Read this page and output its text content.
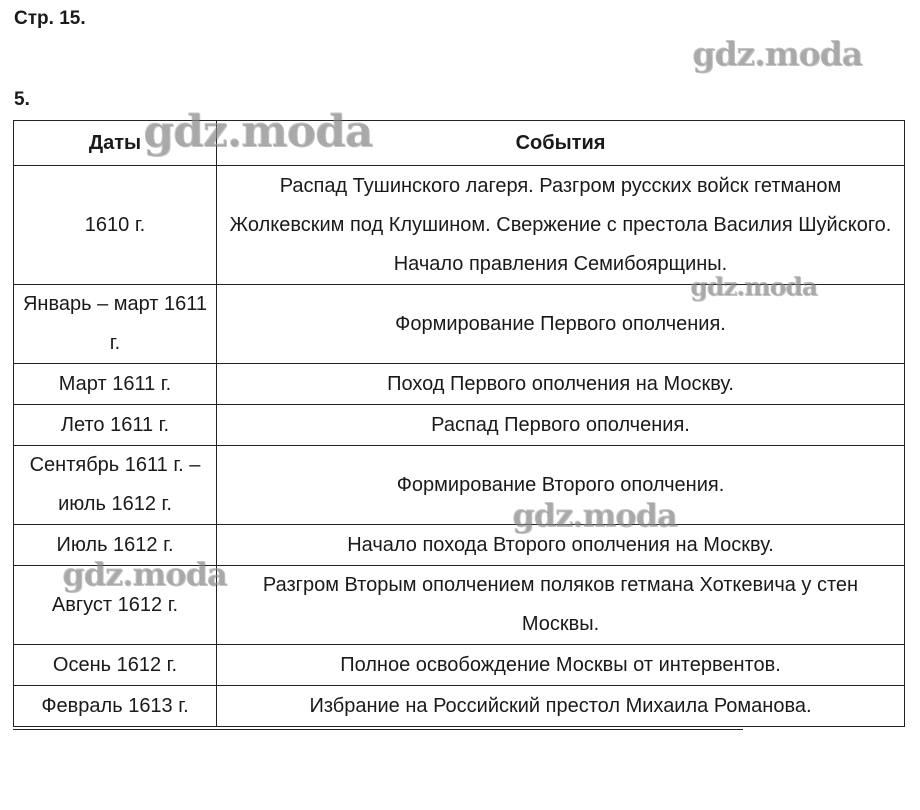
Стр. 15.
5.
Даты	События
1610 г.	Распад Тушинского лагеря. Разгром русских войск гетманом Жолкевским под Клушином. Свержение с престола Василия Шуйского. Начало правления Семибоярщины.
Январь – март 1611 г.	Формирование Первого ополчения.
Март 1611 г.	Поход Первого ополчения на Москву.
Лето 1611 г.	Распад Первого ополчения.
Сентябрь 1611 г. – июль 1612 г.	Формирование Второго ополчения.
Июль 1612 г.	Начало похода Второго ополчения на Москву.
Август 1612 г.	Разгром Вторым ополчением поляков гетмана Хоткевича у стен Москвы.
Осень 1612 г.	Полное освобождение Москвы от интервентов.
Февраль 1613 г.	Избрание на Российский престол Михаила Романова.
gdz.moda
gdz.moda
gdz.moda
gdz.moda
gdz.moda
